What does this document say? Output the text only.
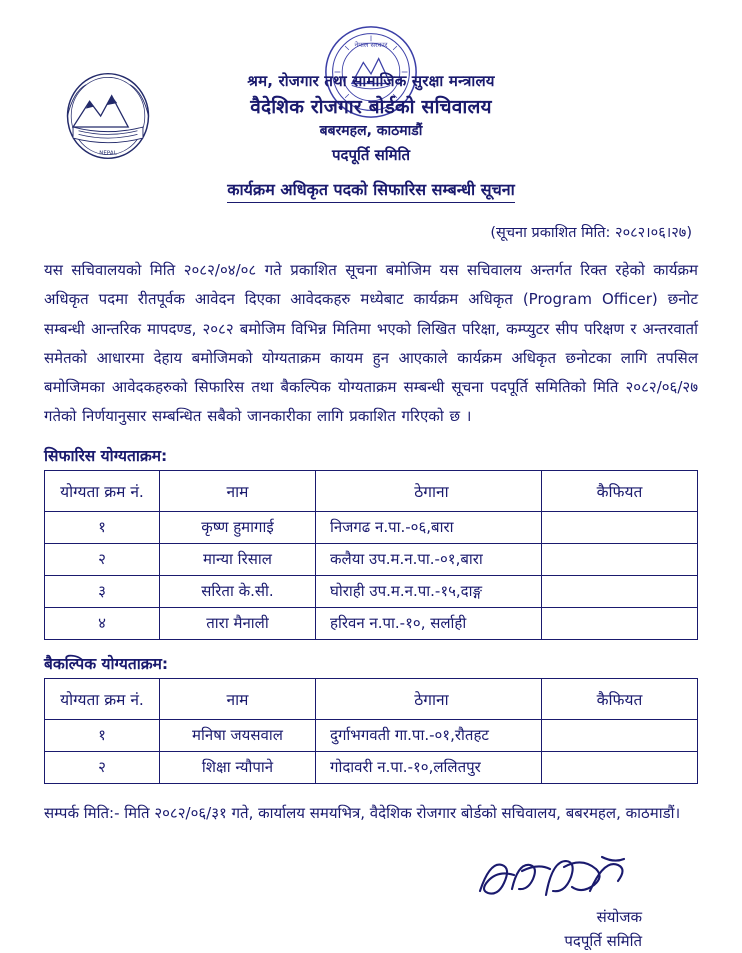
NEPAL
नेपाल सरकार
श्रम, रोजगार तथा सामाजिक सुरक्षा मन्त्रालय
वैदेशिक रोजगार बोर्डको सचिवालय
बबरमहल, काठमाडौं
पदपूर्ति समिति
कार्यक्रम अधिकृत पदको सिफारिस सम्बन्धी सूचना
(सूचना प्रकाशित मिति: २०८२।०६।२७)
यस सचिवालयको मिति २०८२/०४/०८ गते प्रकाशित सूचना बमोजिम यस सचिवालय अन्तर्गत रिक्त रहेको कार्यक्रम अधिकृत पदमा रीतपूर्वक आवेदन दिएका आवेदकहरु मध्येबाट कार्यक्रम अधिकृत (Program Officer) छनोट सम्बन्धी आन्तरिक मापदण्ड, २०८२ बमोजिम विभिन्न मितिमा भएको लिखित परिक्षा, कम्प्युटर सीप परिक्षण र अन्तरवार्ता समेतको आधारमा देहाय बमोजिमको योग्यताक्रम कायम हुन आएकाले कार्यक्रम अधिकृत छनोटका लागि तपसिल बमोजिमका आवेदकहरुको सिफारिस तथा बैकल्पिक योग्यताक्रम सम्बन्धी सूचना पदपूर्ति समितिको मिति २०८२/०६/२७ गतेको निर्णयानुसार सम्बन्धित सबैको जानकारीका लागि प्रकाशित गरिएको छ ।
सिफारिस योग्यताक्रम:
योग्यता क्रम नं.	नाम	ठेगाना	कैफियत
१	कृष्ण हुमागाई	निजगढ न.पा.-०६,बारा	
२	मान्या रिसाल	कलैया उप.म.न.पा.-०१,बारा	
३	सरिता के.सी.	घोराही उप.म.न.पा.-१५,दाङ्ग	
४	तारा मैनाली	हरिवन न.पा.-१०, सर्लाही	
बैकल्पिक योग्यताक्रम:
योग्यता क्रम नं.	नाम	ठेगाना	कैफियत
१	मनिषा जयसवाल	दुर्गाभगवती गा.पा.-०१,रौतहट	
२	शिक्षा न्यौपाने	गोदावरी न.पा.-१०,ललितपुर	
सम्पर्क मिति:- मिति २०८२/०६/३१ गते, कार्यालय समयभित्र, वैदेशिक रोजगार बोर्डको सचिवालय, बबरमहल, काठमाडौं।
संयोजक
पदपूर्ति समिति
